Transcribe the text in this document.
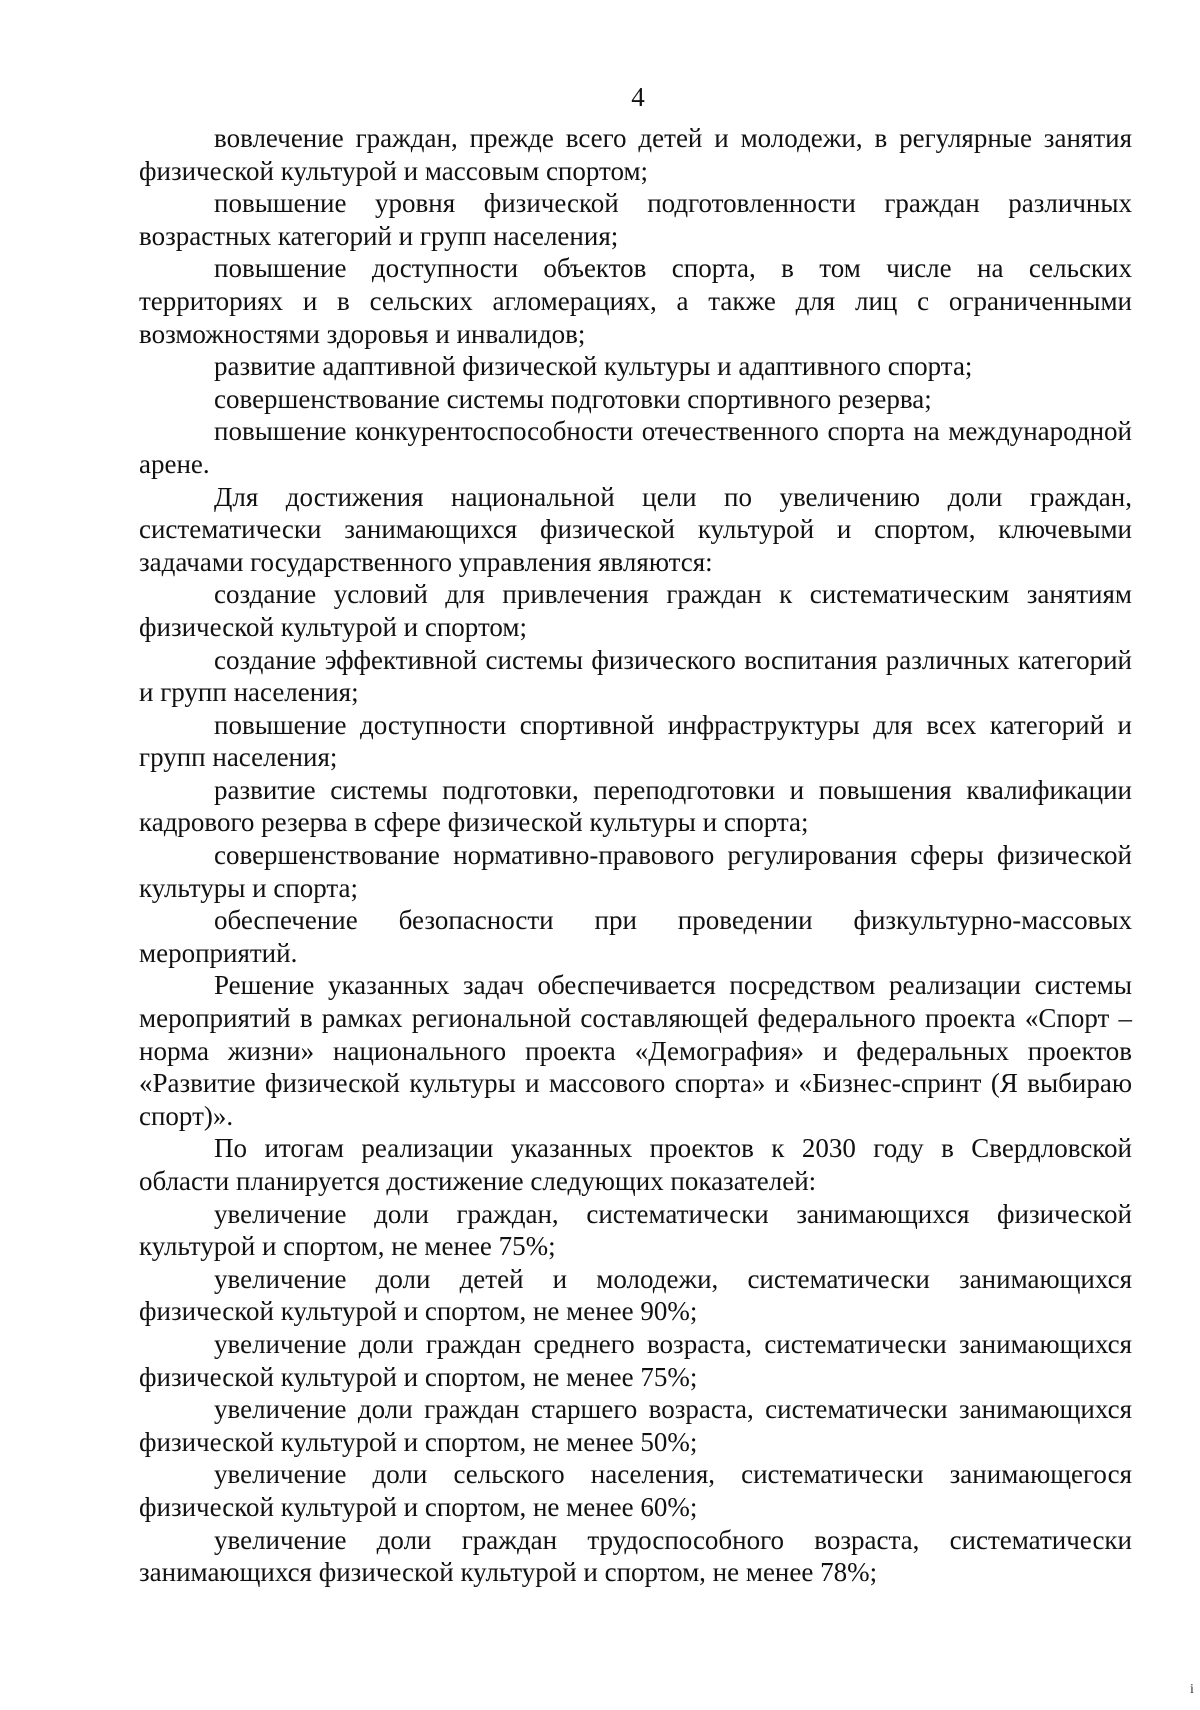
4

вовлечение граждан, прежде всего детей и молодежи, в регулярные занятия физической культурой и массовым спортом;

повышение уровня физической подготовленности граждан различных возрастных категорий и групп населения;

повышение доступности объектов спорта, в том числе на сельских территориях и в сельских агломерациях, а также для лиц с ограниченными возможностями здоровья и инвалидов;

развитие адаптивной физической культуры и адаптивного спорта;

совершенствование системы подготовки спортивного резерва;

повышение конкурентоспособности отечественного спорта на международной арене.

Для достижения национальной цели по увеличению доли граждан, систематически занимающихся физической культурой и спортом, ключевыми задачами государственного управления являются:

создание условий для привлечения граждан к систематическим занятиям физической культурой и спортом;

создание эффективной системы физического воспитания различных категорий и групп населения;

повышение доступности спортивной инфраструктуры для всех категорий и групп населения;

развитие системы подготовки, переподготовки и повышения квалификации кадрового резерва в сфере физической культуры и спорта;

совершенствование нормативно-правового регулирования сферы физической культуры и спорта;

обеспечение безопасности при проведении физкультурно-массовых мероприятий.

Решение указанных задач обеспечивается посредством реализации системы мероприятий в рамках региональной составляющей федерального проекта «Спорт – норма жизни» национального проекта «Демография» и федеральных проектов «Развитие физической культуры и массового спорта» и «Бизнес-спринт (Я выбираю спорт)».

По итогам реализации указанных проектов к 2030 году в Свердловской области планируется достижение следующих показателей:

увеличение доли граждан, систематически занимающихся физической культурой и спортом, не менее 75%;

увеличение доли детей и молодежи, систематически занимающихся физической культурой и спортом, не менее 90%;

увеличение доли граждан среднего возраста, систематически занимающихся физической культурой и спортом, не менее 75%;

увеличение доли граждан старшего возраста, систематически занимающихся физической культурой и спортом, не менее 50%;

увеличение доли сельского населения, систематически занимающегося физической культурой и спортом, не менее 60%;

увеличение доли граждан трудоспособного возраста, систематически занимающихся физической культурой и спортом, не менее 78%;

i
